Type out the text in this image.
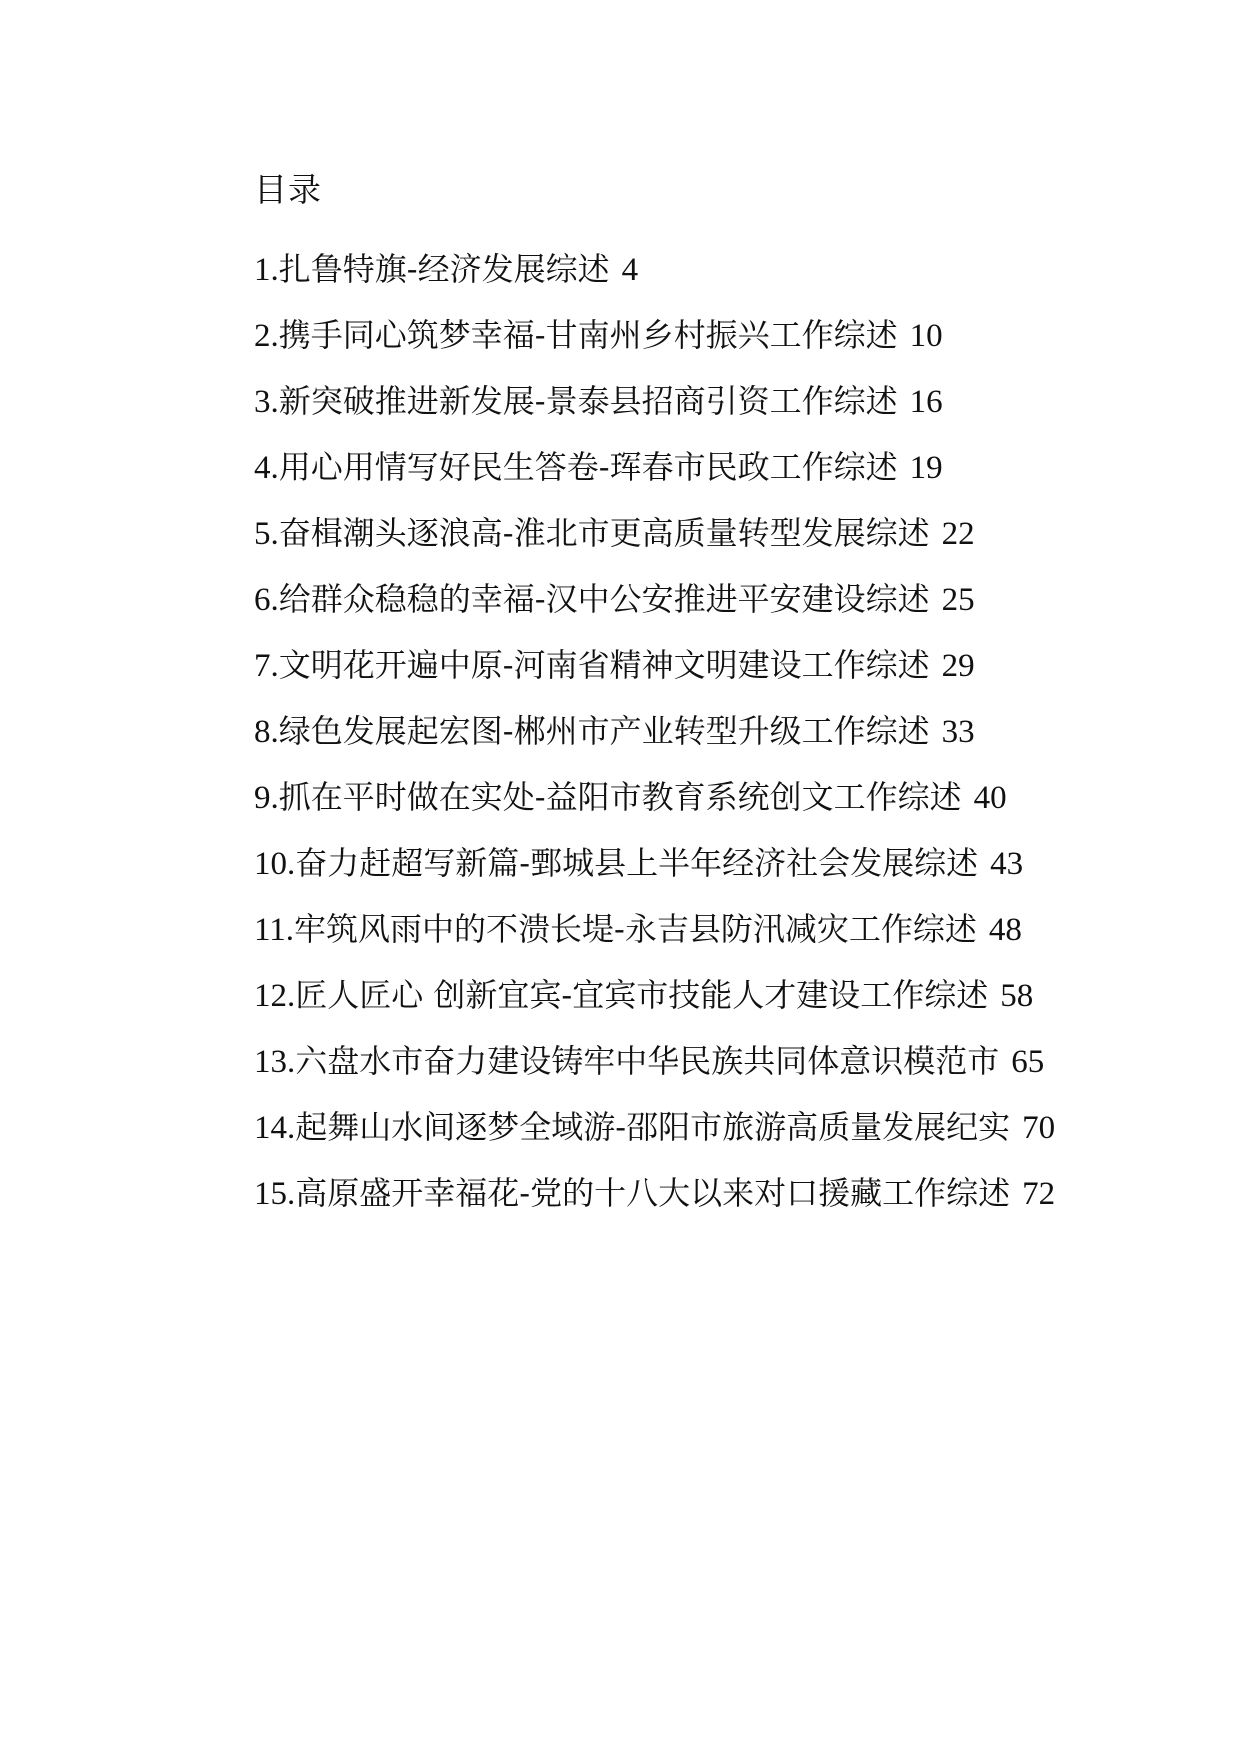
目录
1.扎鲁特旗-经济发展综述 4
2.携手同心筑梦幸福-甘南州乡村振兴工作综述 10
3.新突破推进新发展-景泰县招商引资工作综述 16
4.用心用情写好民生答卷-珲春市民政工作综述 19
5.奋楫潮头逐浪高-淮北市更高质量转型发展综述 22
6.给群众稳稳的幸福-汉中公安推进平安建设综述 25
7.文明花开遍中原-河南省精神文明建设工作综述 29
8.绿色发展起宏图-郴州市产业转型升级工作综述 33
9.抓在平时做在实处-益阳市教育系统创文工作综述 40
10.奋力赶超写新篇-鄄城县上半年经济社会发展综述 43
11.牢筑风雨中的不溃长堤-永吉县防汛减灾工作综述 48
12.匠人匠心 创新宜宾-宜宾市技能人才建设工作综述 58
13.六盘水市奋力建设铸牢中华民族共同体意识模范市 65
14.起舞山水间逐梦全域游-邵阳市旅游高质量发展纪实 70
15.高原盛开幸福花-党的十八大以来对口援藏工作综述 72
